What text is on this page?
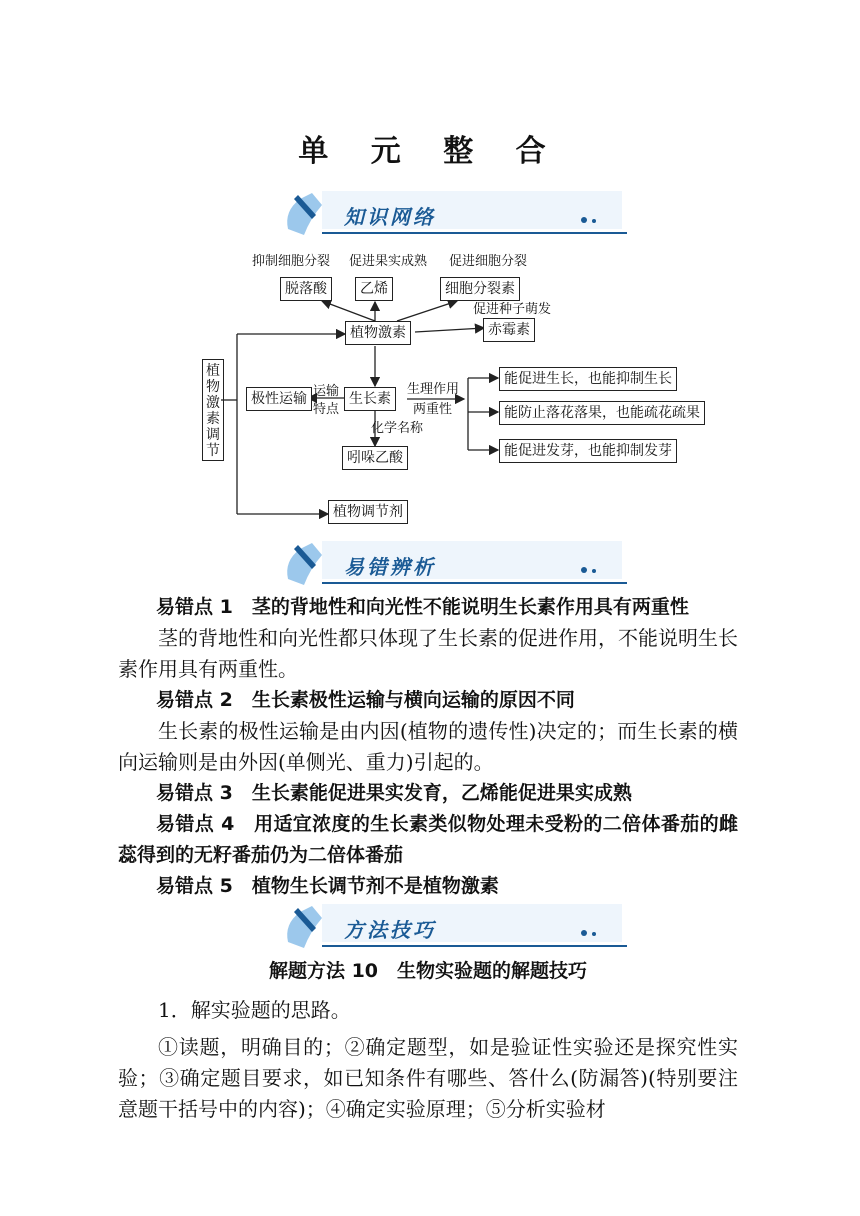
单 元 整 合
知识网络
植
物
激
素
调
节
抑制细胞分裂 促进果实成熟 促进细胞分裂
脱落酸	乙烯	细胞分裂素
促进种子萌发
植物激素	赤霉素
运输
特点
极性运输	生长素
生理作用
两重性
化学名称
吲哚乙酸
能促进生长，也能抑制生长
能防止落花落果，也能疏花疏果
能促进发芽，也能抑制发芽
植物调节剂
易错辨析

易错点 1　茎的背地性和向光性不能说明生长素作用具有两重性

茎的背地性和向光性都只体现了生长素的促进作用，不能说明生长素作用具有两重性。

易错点 2　生长素极性运输与横向运输的原因不同

生长素的极性运输是由内因(植物的遗传性)决定的；而生长素的横向运输则是由外因(单侧光、重力)引起的。

易错点 3　生长素能促进果实发育，乙烯能促进果实成熟

易错点 4　用适宜浓度的生长素类似物处理未受粉的二倍体番茄的雌蕊得到的无籽番茄仍为二倍体番茄

易错点 5　植物生长调节剂不是植物激素

方法技巧

解题方法 10　生物实验题的解题技巧

1．解实验题的思路。

①读题，明确目的；②确定题型，如是验证性实验还是探究性实验；③确定题目要求，如已知条件有哪些、答什么(防漏答)(特别要注意题干括号中的内容)；④确定实验原理；⑤分析实验材
